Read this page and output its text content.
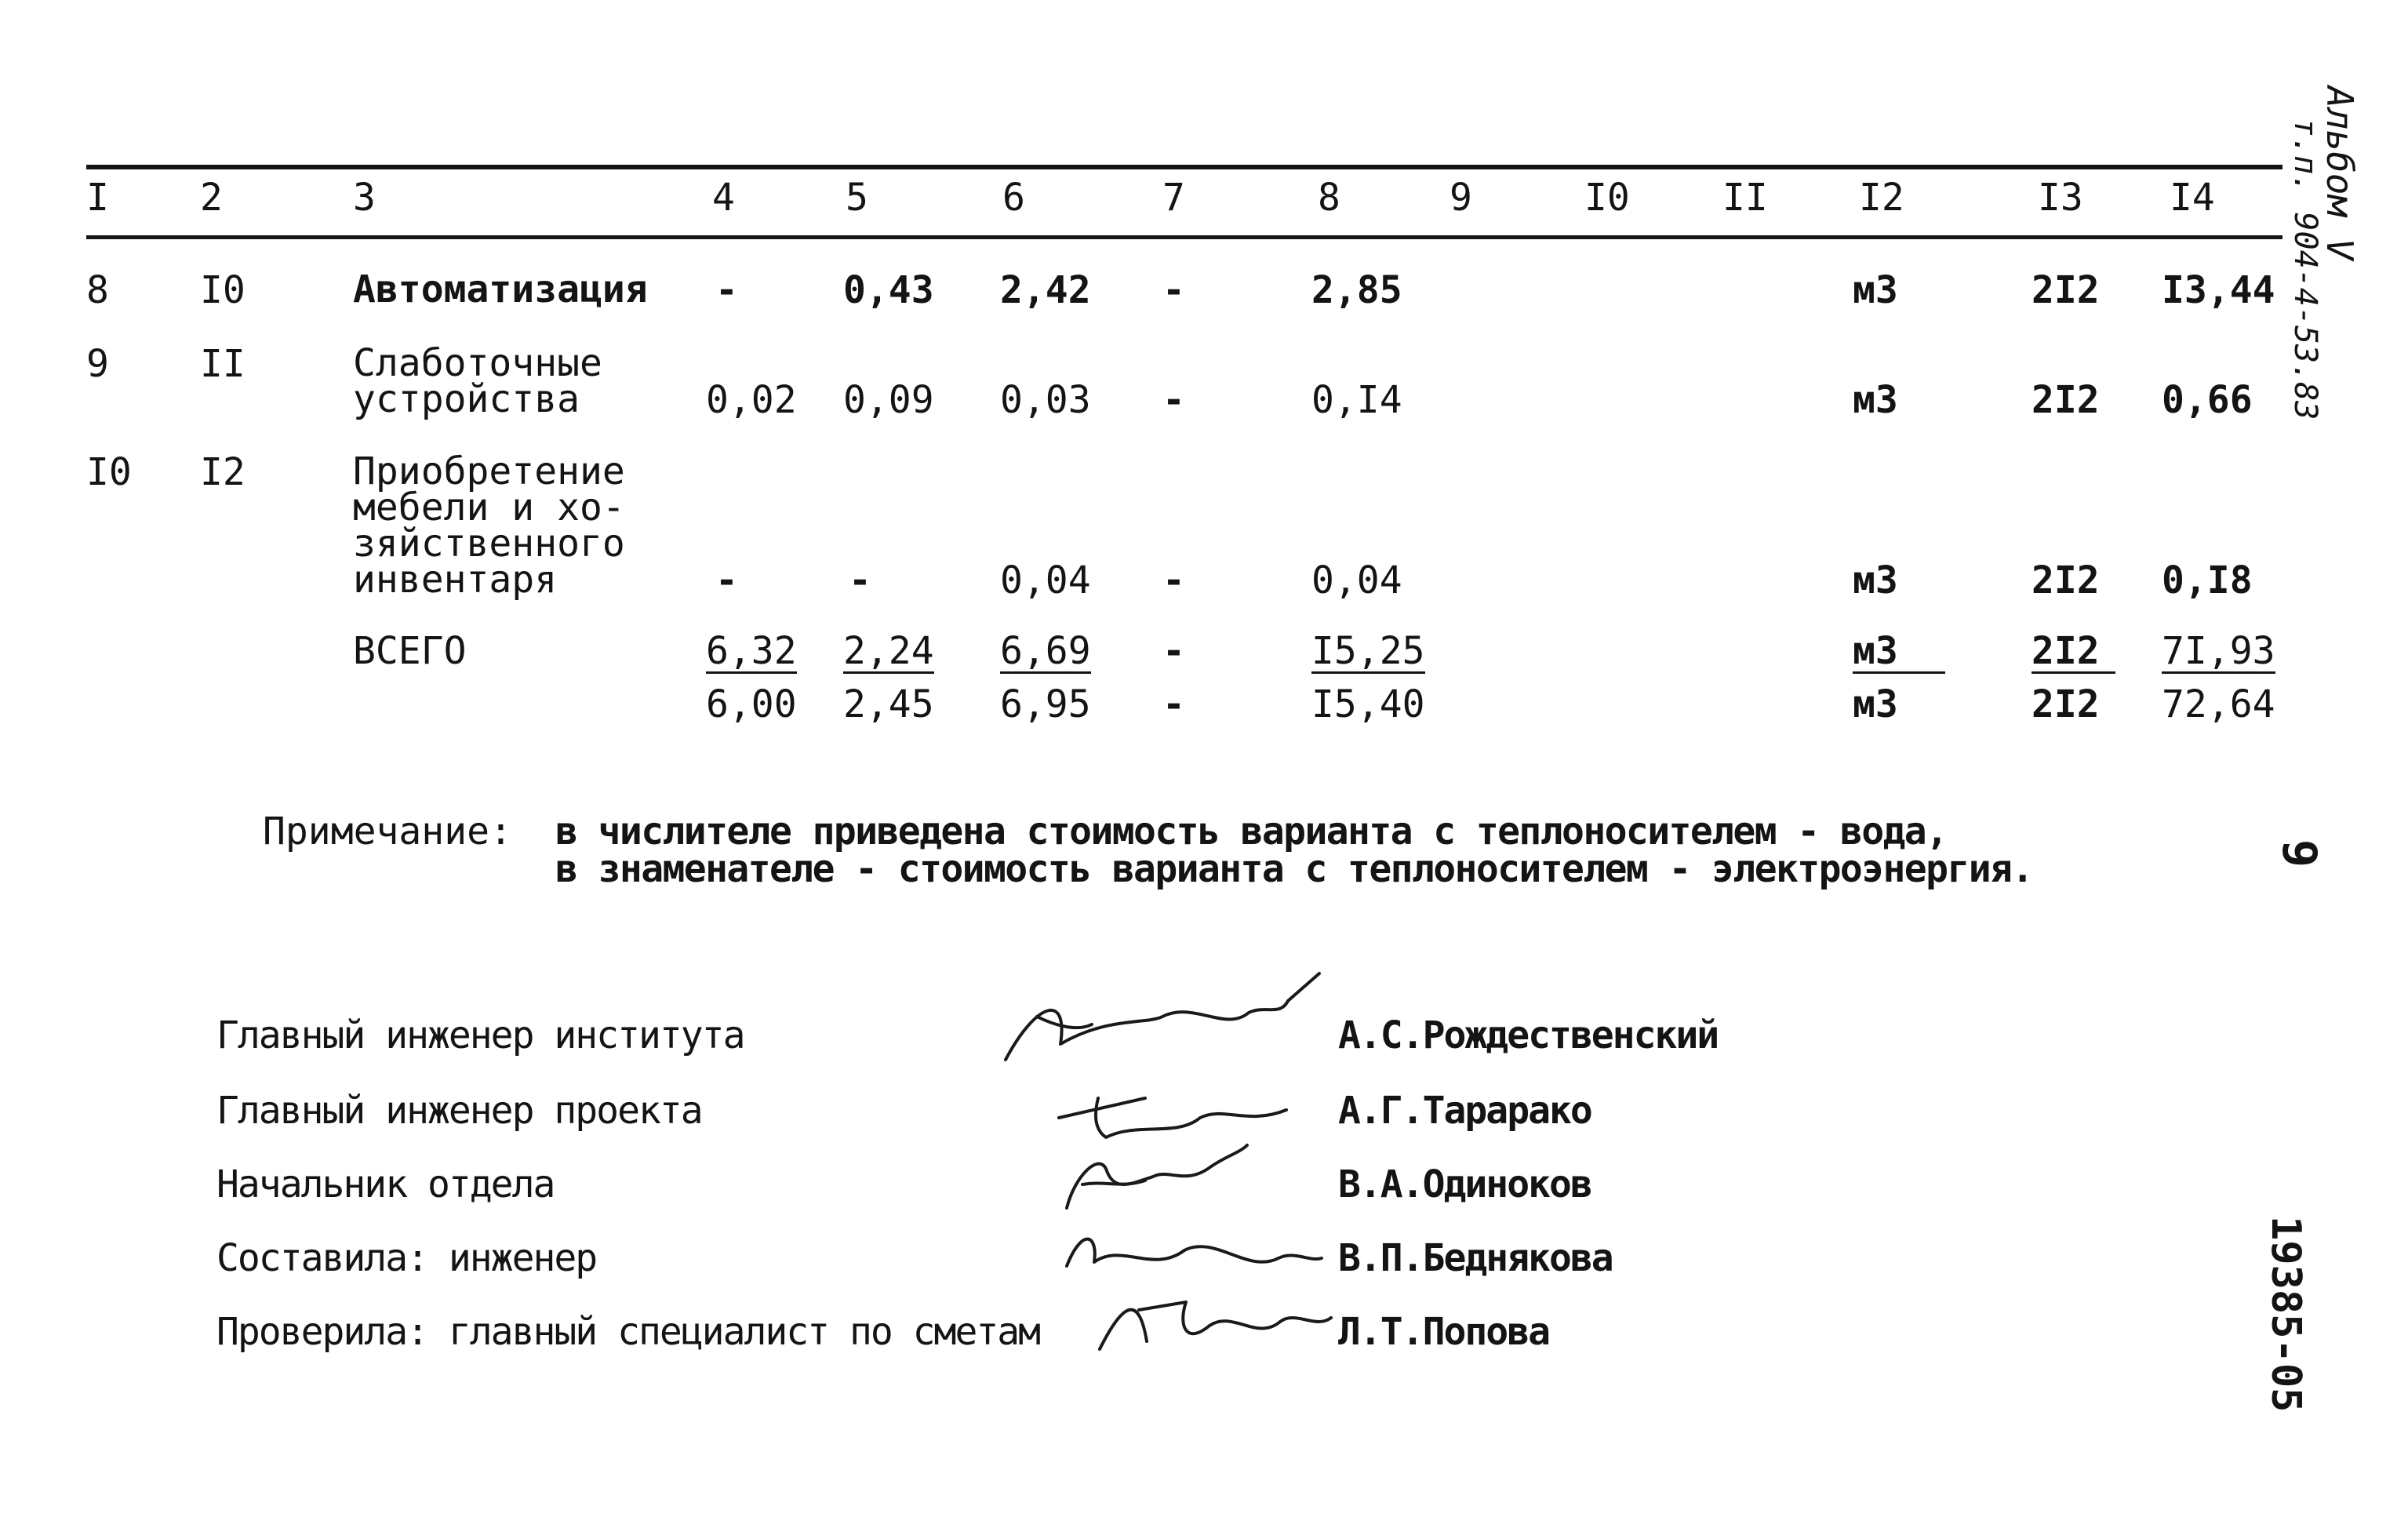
I 2	3	4	5	6	7	8	9	I0 II I2	I3 I4
8 I0	Автоматизация -	0,43 2,42 -	2,85	м3	2I2 I3,44
9 II	Слаботочные
устройства	0,02 0,09 0,03 -	0,I4	м3	2I2 0,66
I0 I2	Приобретение
мебели и хо-
зяйственного
инвентаря	-	-	0,04 -	0,04	м3	2I2 0,I8
ВСЕГО	6,32 2,24 6,69 -	I5,25	м3	2I2	7I,93
6,00 2,45 6,95 -	I5,40	м3	2I2 72,64
Примечание: в числителе приведена стоимость варианта с теплоносителем - вода,
в знаменателе - стоимость варианта с теплоносителем - электроэнергия.
Главный инженер института	А.С.Рождественский
Главный инженер проекта	А.Г.Тарарако
Начальник отдела	В.А.Одиноков
Составила: инженер	В.П.Беднякова
Проверила: главный специалист по сметам	Л.Т.Попова
Альбом V
т.п. 904-4-53.83
9
19385-05
